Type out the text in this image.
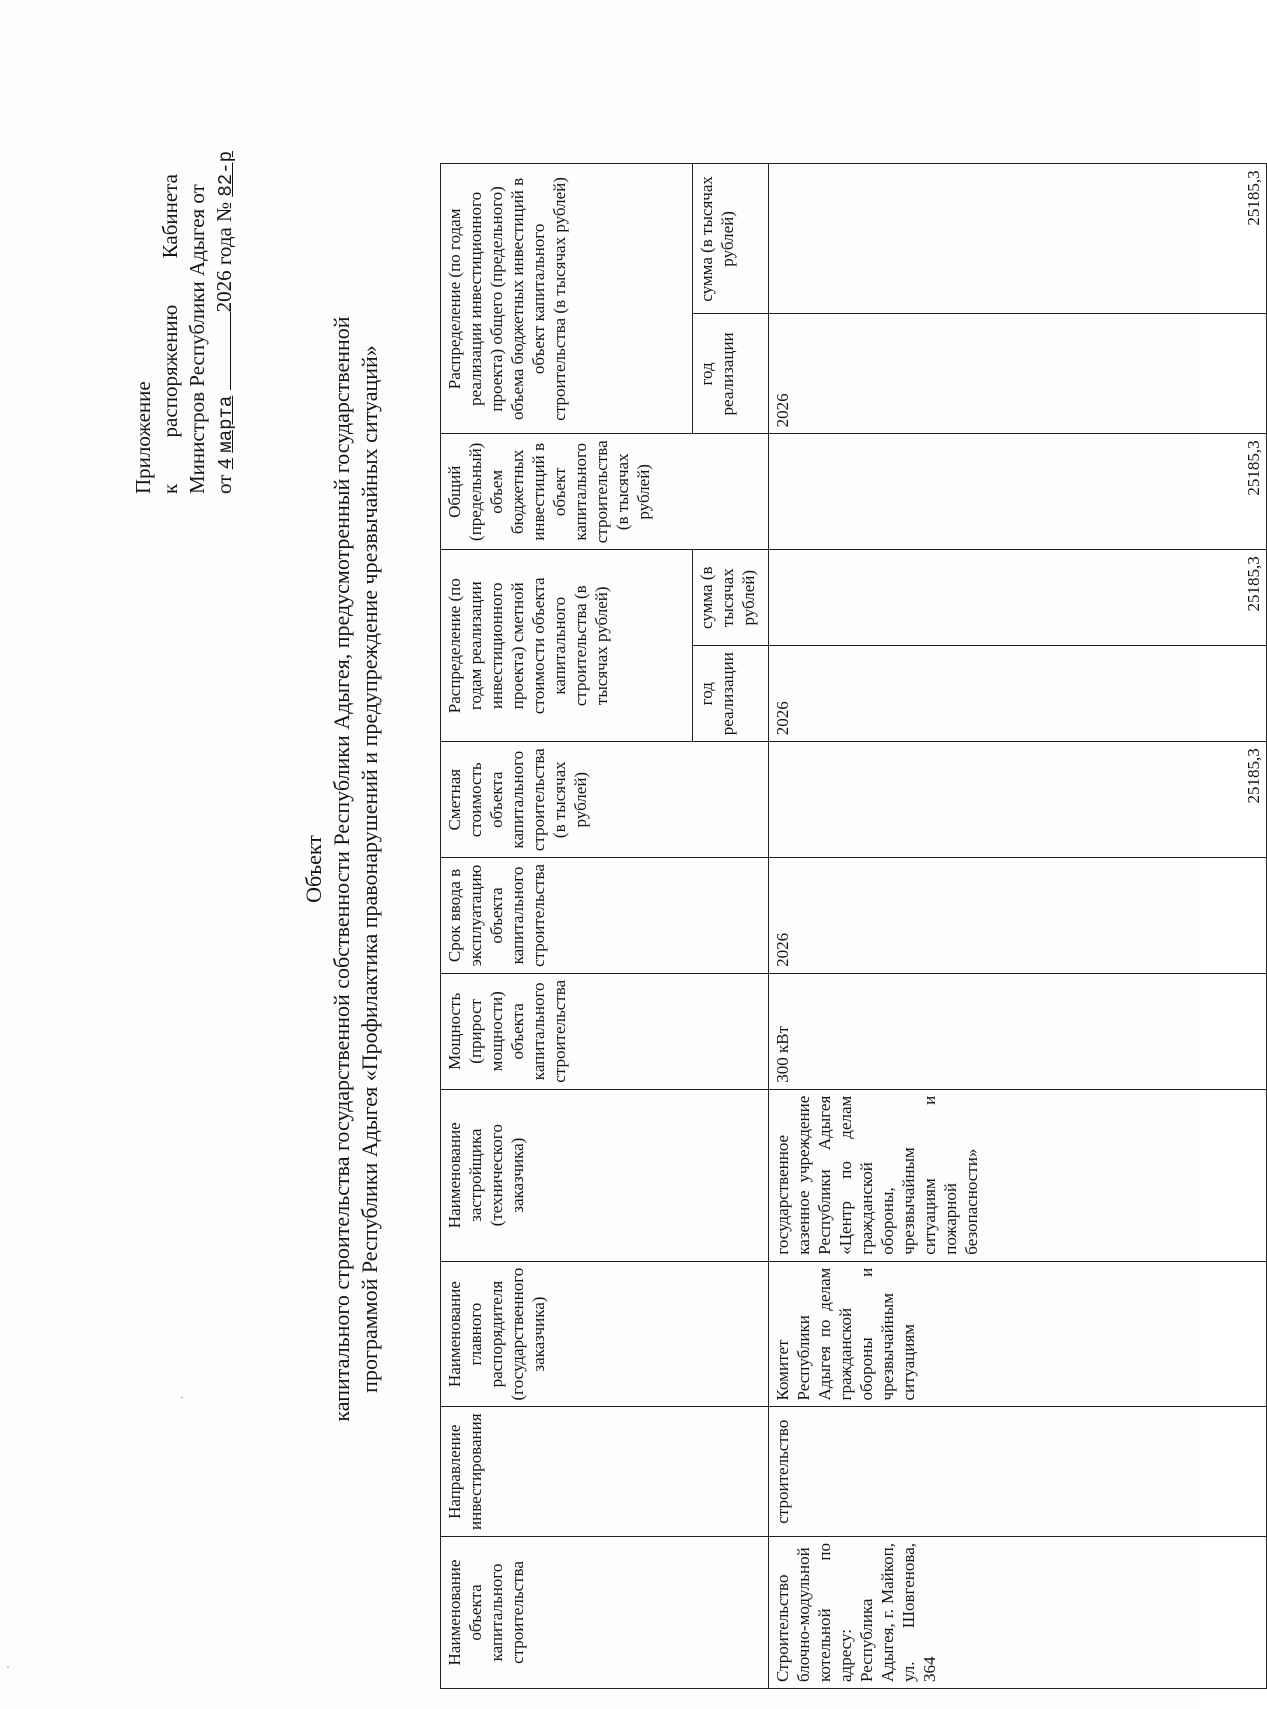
Приложение к
распоряжению
Кабинета Министров Республики Адыгея от от 4 марта
2026 года № 82-р
Объект капитального строительства государственной собственности Республики Адыгея, предусмотренный государственной программой Республики Адыгея «Профилактика правонарушений и предупреждение чрезвычайных ситуаций»
Наименование объекта капитального строительства	Направление инвестирования	Наименование главного распорядителя (государственного заказчика)	Наименование застройщика (технического заказчика)	Мощность (прирост мощности) объекта капитального строительства	Срок ввода в эксплуатацию объекта капитального строительства	Сметная стоимость объекта капитального строительства (в тысячах рублей)	Распределение (по годам реализации инвестиционного проекта) сметной стоимости объекта капитального строительства (в тысячах рублей)		Общий (предельный) объем бюджетных инвестиций в объект капитального строительства (в тысячах рублей)	Распределение (по годам реализации инвестиционного проекта) общего (предельного) объема бюджетных инвестиций в объект капитального строительства (в тысячах рублей)	
							год реализации	сумма (в тысячах рублей)		год реализации	сумма (в тысячах рублей)
Строительство блочно-модульной котельной по адресу: Республика Адыгея, г. Майкоп, ул. Шовгенова, 364	строительство	Комитет Республики Адыгея по делам гражданской обороны и чрезвычайным ситуациям	государственное казенное учреждение Республики Адыгея «Центр по делам гражданской обороны, чрезвычайным ситуациям и пожарной безопасности»	300 кВт	2026	25185,3	2026	25185,3	25185,3	2026	25185,3
·
·
